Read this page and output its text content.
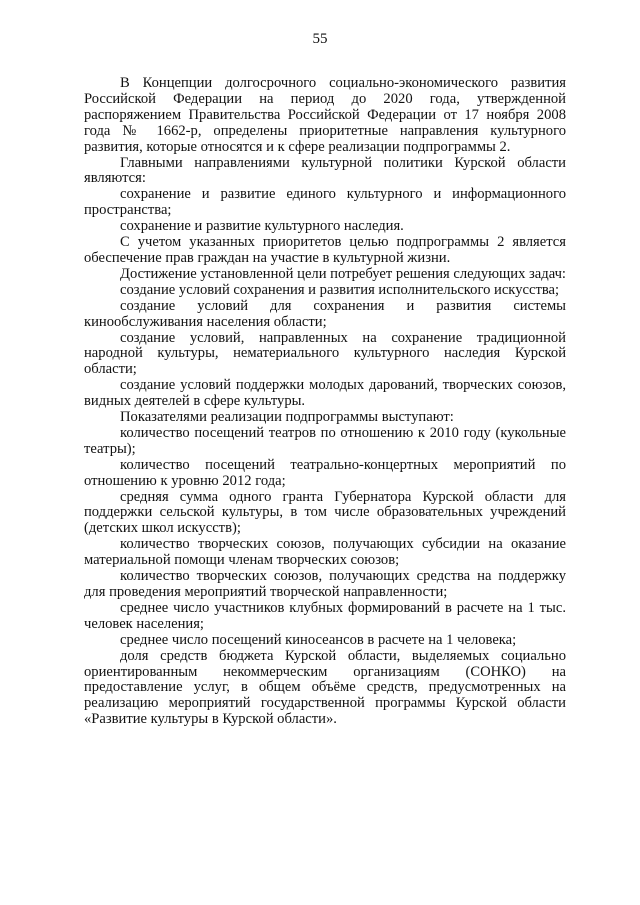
55

В Концепции долгосрочного социально-экономического развития Российской Федерации на период до 2020 года, утвержденной распоряжением Правительства Российской Федерации от 17 ноября 2008 года № 1662-р, определены приоритетные направления культурного развития, которые относятся и к сфере реализации подпрограммы 2.

Главными направлениями культурной политики Курской области являются:

сохранение и развитие единого культурного и информационного пространства;

сохранение и развитие культурного наследия.

С учетом указанных приоритетов целью подпрограммы 2 является обеспечение прав граждан на участие в культурной жизни.

Достижение установленной цели потребует решения следующих задач:

создание условий сохранения и развития исполнительского искусства;

создание условий для сохранения и развития системы кинообслуживания населения области;

создание условий, направленных на сохранение традиционной народной культуры, нематериального культурного наследия Курской области;

создание условий поддержки молодых дарований, творческих союзов, видных деятелей в сфере культуры.

Показателями реализации подпрограммы выступают:

количество посещений театров по отношению к 2010 году (кукольные театры);

количество посещений театрально-концертных мероприятий по отношению к уровню 2012 года;

средняя сумма одного гранта Губернатора Курской области для поддержки сельской культуры, в том числе образовательных учреждений (детских школ искусств);

количество творческих союзов, получающих субсидии на оказание материальной помощи членам творческих союзов;

количество творческих союзов, получающих средства на поддержку для проведения мероприятий творческой направленности;

среднее число участников клубных формирований в расчете на 1 тыс. человек населения;

среднее число посещений киносеансов в расчете на 1 человека;

доля средств бюджета Курской области, выделяемых социально ориентированным некоммерческим организациям (СОНКО) на предоставление услуг, в общем объёме средств, предусмотренных на реализацию мероприятий государственной программы Курской области «Развитие культуры в Курской области».
